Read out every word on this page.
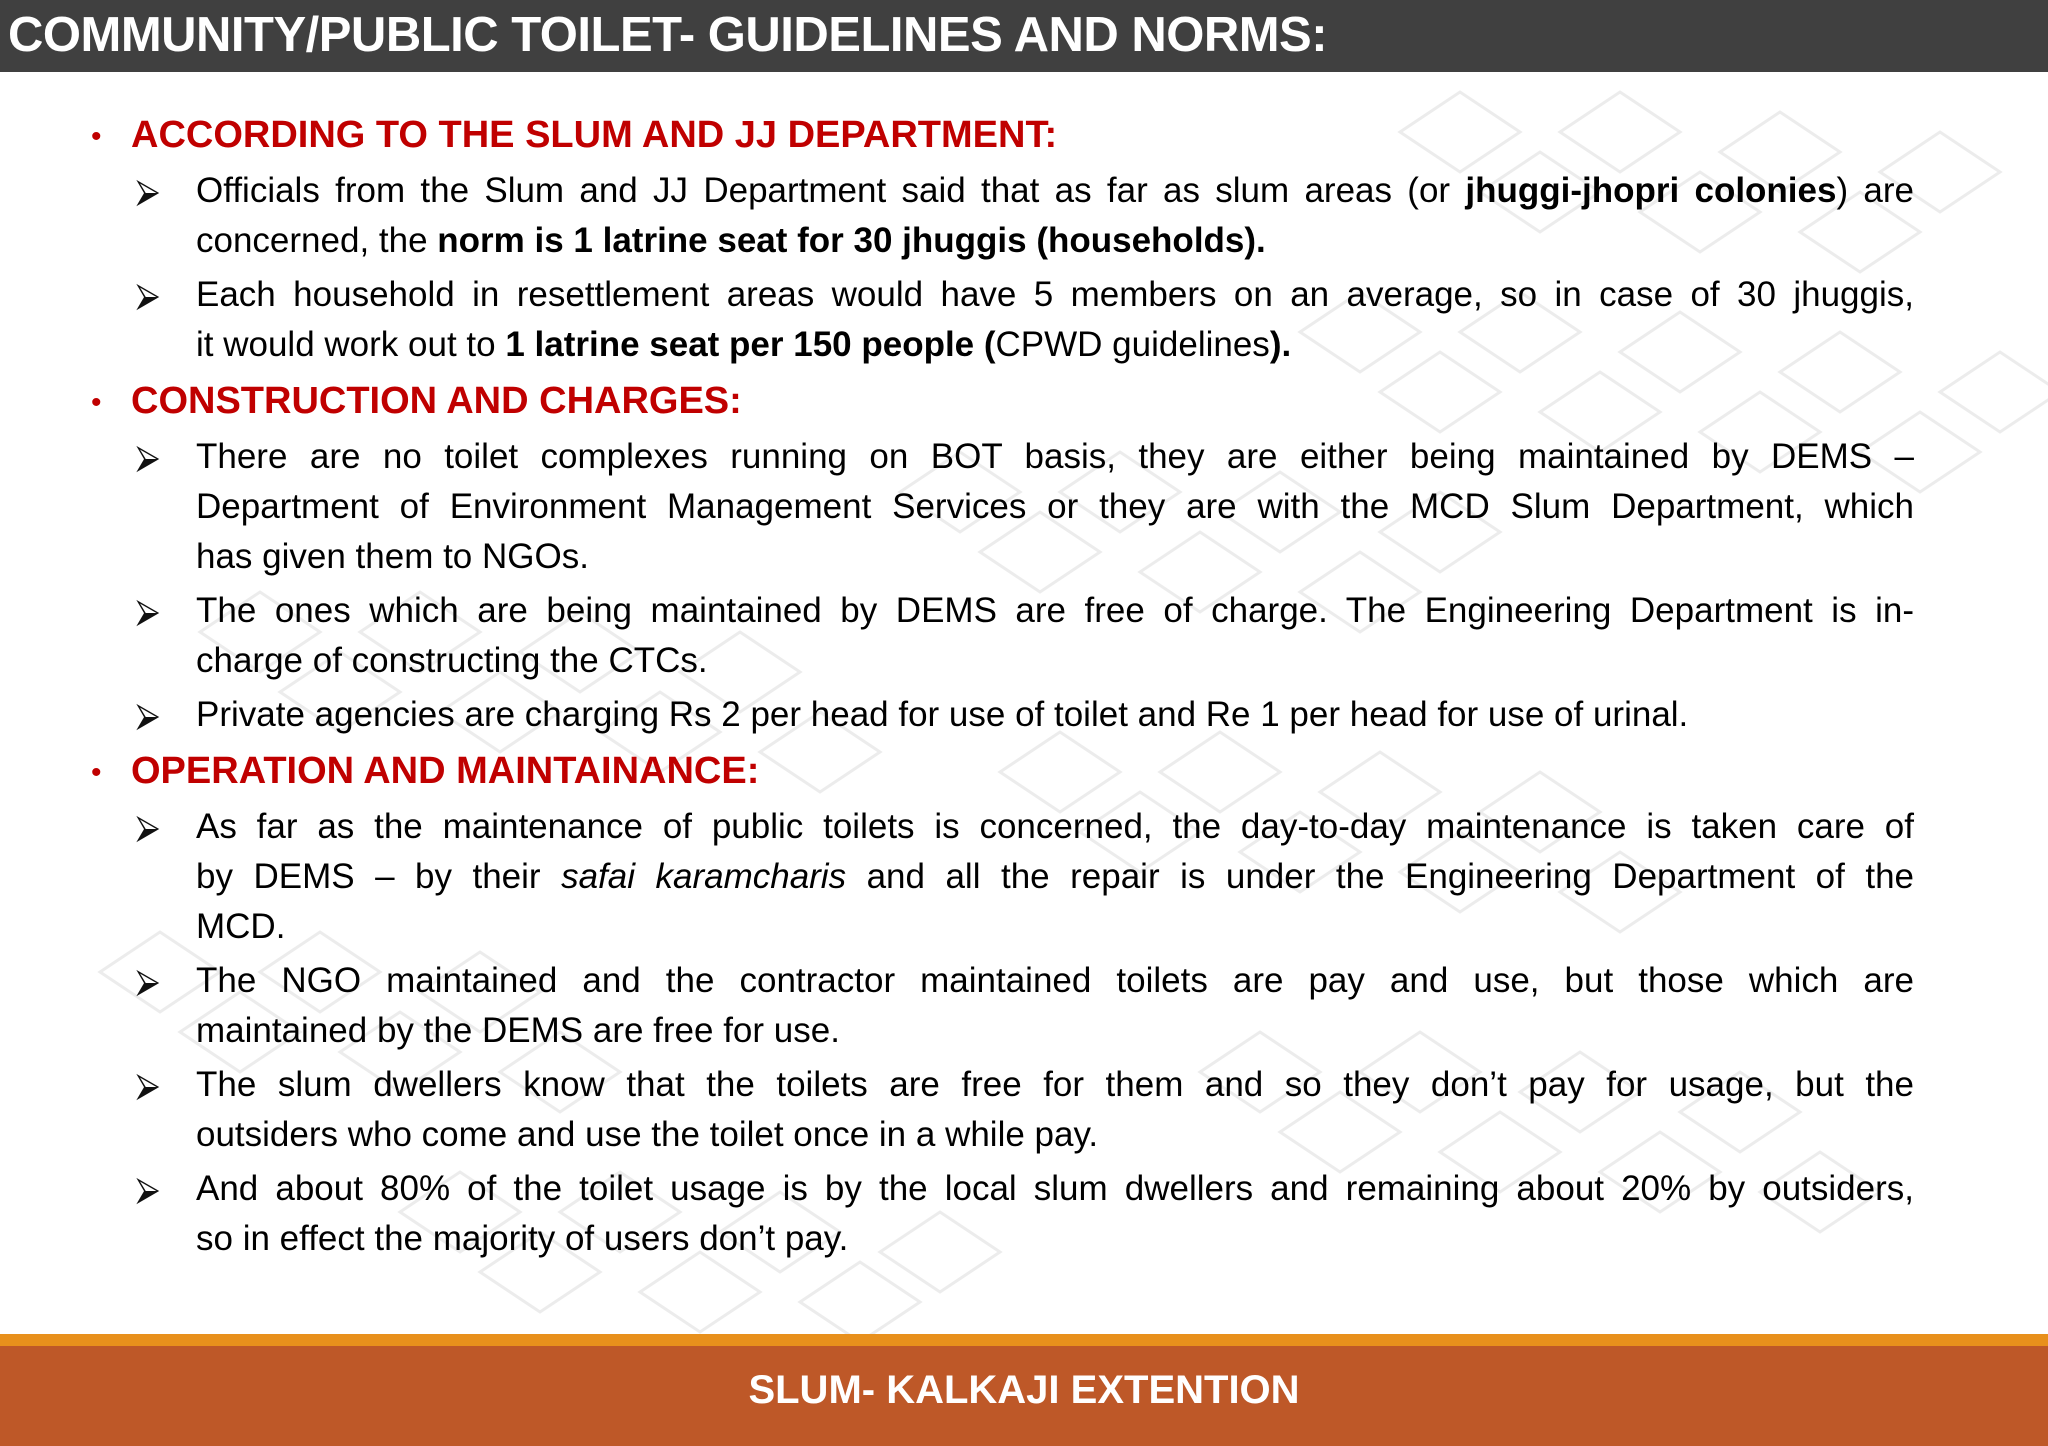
COMMUNITY/PUBLIC TOILET- GUIDELINES AND NORMS:
• ACCORDING TO THE SLUM AND JJ DEPARTMENT:
⮚ Officials from the Slum and JJ Department said that as far as slum areas (or jhuggi-jhopri colonies) are
concerned, the norm is 1 latrine seat for 30 jhuggis (households).
⮚ Each household in resettlement areas would have 5 members on an average, so in case of 30 jhuggis,
it would work out to 1 latrine seat per 150 people (CPWD guidelines).
• CONSTRUCTION AND CHARGES:
⮚ There are no toilet complexes running on BOT basis, they are either being maintained by DEMS –
Department of Environment Management Services or they are with the MCD Slum Department, which
has given them to NGOs.
⮚ The ones which are being maintained by DEMS are free of charge. The Engineering Department is in-
charge of constructing the CTCs.
⮚ Private agencies are charging Rs 2 per head for use of toilet and Re 1 per head for use of urinal.
• OPERATION AND MAINTAINANCE:
⮚ As far as the maintenance of public toilets is concerned, the day-to-day maintenance is taken care of
by DEMS – by their safai karamcharis and all the repair is under the Engineering Department of the
MCD.
⮚ The NGO maintained and the contractor maintained toilets are pay and use, but those which are
maintained by the DEMS are free for use.
⮚ The slum dwellers know that the toilets are free for them and so they don’t pay for usage, but the
outsiders who come and use the toilet once in a while pay.
⮚ And about 80% of the toilet usage is by the local slum dwellers and remaining about 20% by outsiders,
so in effect the majority of users don’t pay.

SLUM- KALKAJI EXTENTION
